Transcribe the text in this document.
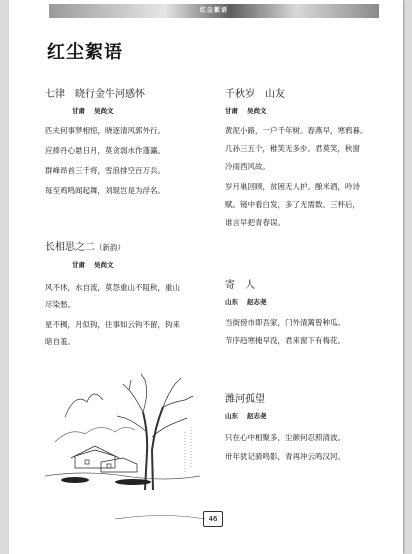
红尘絮语
红尘絮语
七律　晓行金牛河感怀
甘肃 吴尚文
匹夫何事梦相惊，晓逐清风郭外行。
应捧丹心悬日月，莫贪弱水作蓬瀛。
群峰昂首三千将，雪浪排空百万兵。
每至鸡鸣闻起舞，刘琨岂是为浮名。
长相思之二（新韵）
甘肃 吴尚文
风不休，水自流，莫怨重山不阻秋，重山
尽染愁。
星不稠，月似钩，往事如云钩不留，钩来
暗自羞。
千秋岁　山友
甘肃 吴尚文
黄泥小路，一户千年树。春燕早，寒鸦暮。
几孙三五个，稚笑无多步。君莫笑，秋窗
冷雨西风故。
岁月巢回顾，贫困无人护。酿米酒，吟诗
赋。镜中看白发，多了无需数。三杯后，
谁言早把青春误。
寄　人
山东 赵志尧
当街傍市即吾家，门外清篱曾种瓜。
节序趋寒掩早没，君来窗下有梅花。
潍河孤望
山东 赵志尧
只在心中相聚多，尘颜何忍照清波。
卅年犹记骑鸣影，青再冲云鸣汉河。
46
